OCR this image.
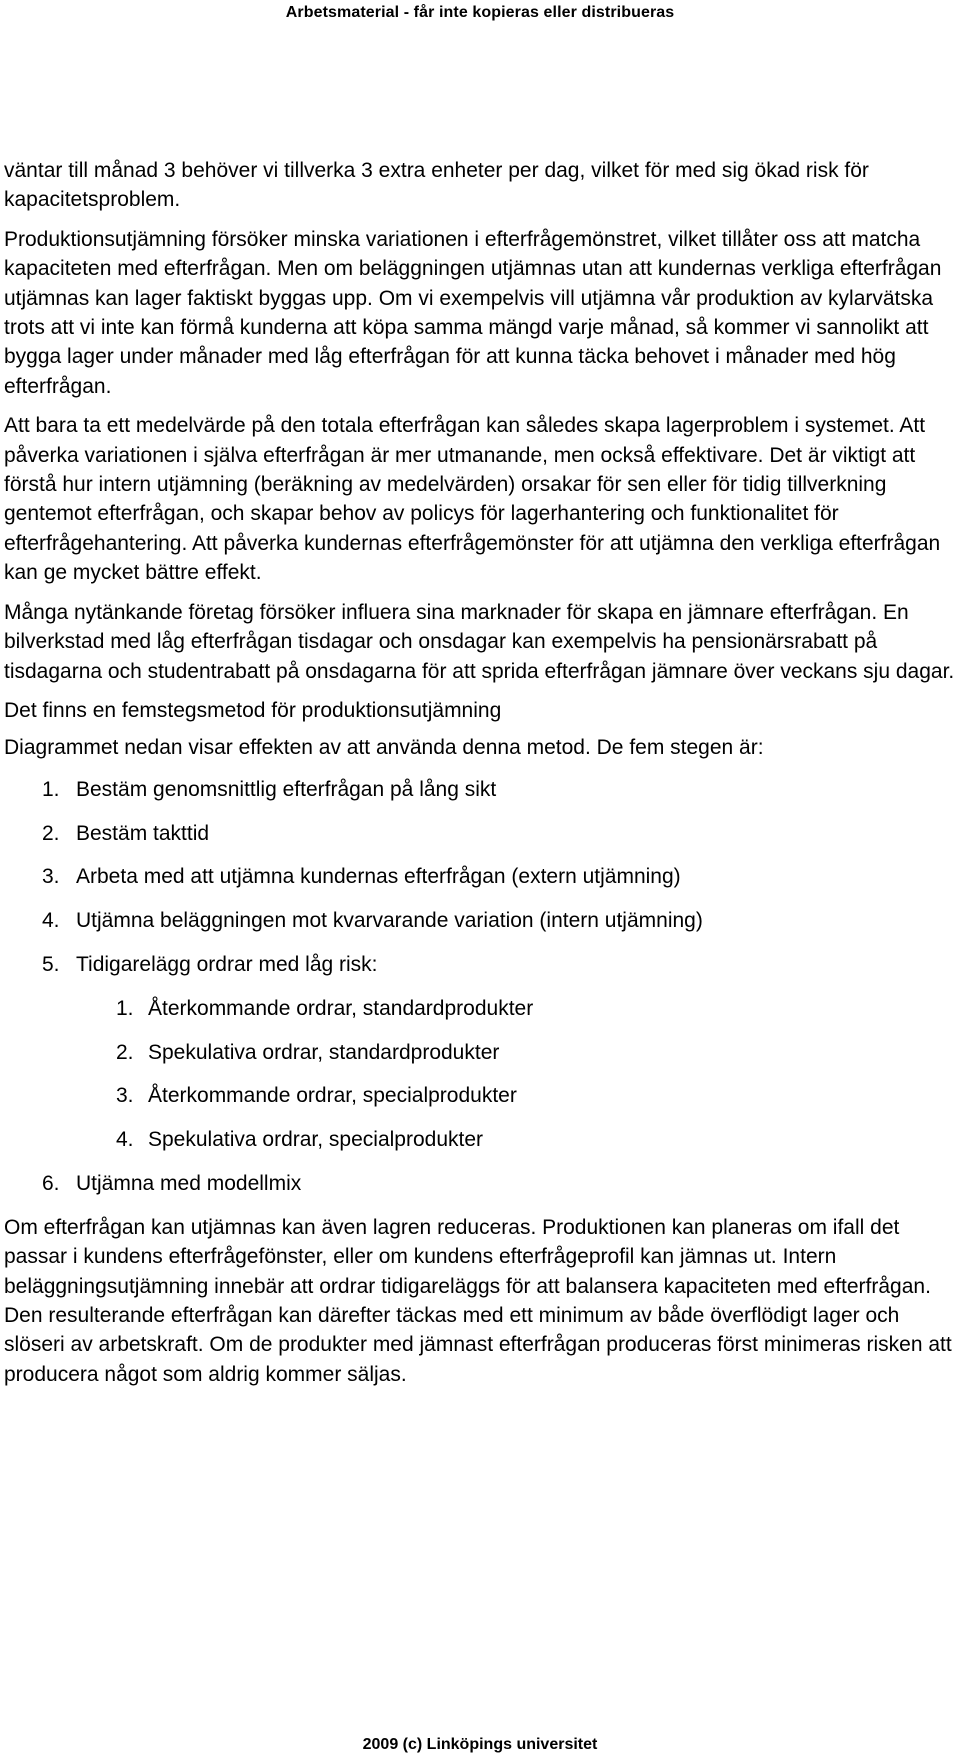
Arbetsmaterial - får inte kopieras eller distribueras

väntar till månad 3 behöver vi tillverka 3 extra enheter per dag, vilket för med sig ökad risk för kapacitetsproblem.

Produktionsutjämning försöker minska variationen i efterfrågemönstret, vilket tillåter oss att matcha kapaciteten med efterfrågan. Men om beläggningen utjämnas utan att kundernas verkliga efterfrågan utjämnas kan lager faktiskt byggas upp. Om vi exempelvis vill utjämna vår produktion av kylarvätska trots att vi inte kan förmå kunderna att köpa samma mängd varje månad, så kommer vi sannolikt att bygga lager under månader med låg efterfrågan för att kunna täcka behovet i månader med hög efterfrågan.

Att bara ta ett medelvärde på den totala efterfrågan kan således skapa lagerproblem i systemet. Att påverka variationen i själva efterfrågan är mer utmanande, men också effektivare. Det är viktigt att förstå hur intern utjämning (beräkning av medelvärden) orsakar för sen eller för tidig tillverkning gentemot efterfrågan, och skapar behov av policys för lagerhantering och funktionalitet för efterfrågehantering. Att påverka kundernas efterfrågemönster för att utjämna den verkliga efterfrågan kan ge mycket bättre effekt.

Många nytänkande företag försöker influera sina marknader för skapa en jämnare efterfrågan. En bilverkstad med låg efterfrågan tisdagar och onsdagar kan exempelvis ha pensionärsrabatt på tisdagarna och studentrabatt på onsdagarna för att sprida efterfrågan jämnare över veckans sju dagar.

Det finns en femstegsmetod för produktionsutjämning

Diagrammet nedan visar effekten av att använda denna metod. De fem stegen är:

1. Bestäm genomsnittlig efterfrågan på lång sikt
2. Bestäm takttid
3. Arbeta med att utjämna kundernas efterfrågan (extern utjämning)
4. Utjämna beläggningen mot kvarvarande variation (intern utjämning)
5. Tidigarelägg ordrar med låg risk:
1. Återkommande ordrar, standardprodukter
2. Spekulativa ordrar, standardprodukter
3. Återkommande ordrar, specialprodukter
4. Spekulativa ordrar, specialprodukter
6. Utjämna med modellmix

Om efterfrågan kan utjämnas kan även lagren reduceras. Produktionen kan planeras om ifall det passar i kundens efterfrågefönster, eller om kundens efterfrågeprofil kan jämnas ut. Intern beläggningsutjämning innebär att ordrar tidigareläggs för att balansera kapaciteten med efterfrågan. Den resulterande efterfrågan kan därefter täckas med ett minimum av både överflödigt lager och slöseri av arbetskraft. Om de produkter med jämnast efterfrågan produceras först minimeras risken att producera något som aldrig kommer säljas.

2009 (c) Linköpings universitet
